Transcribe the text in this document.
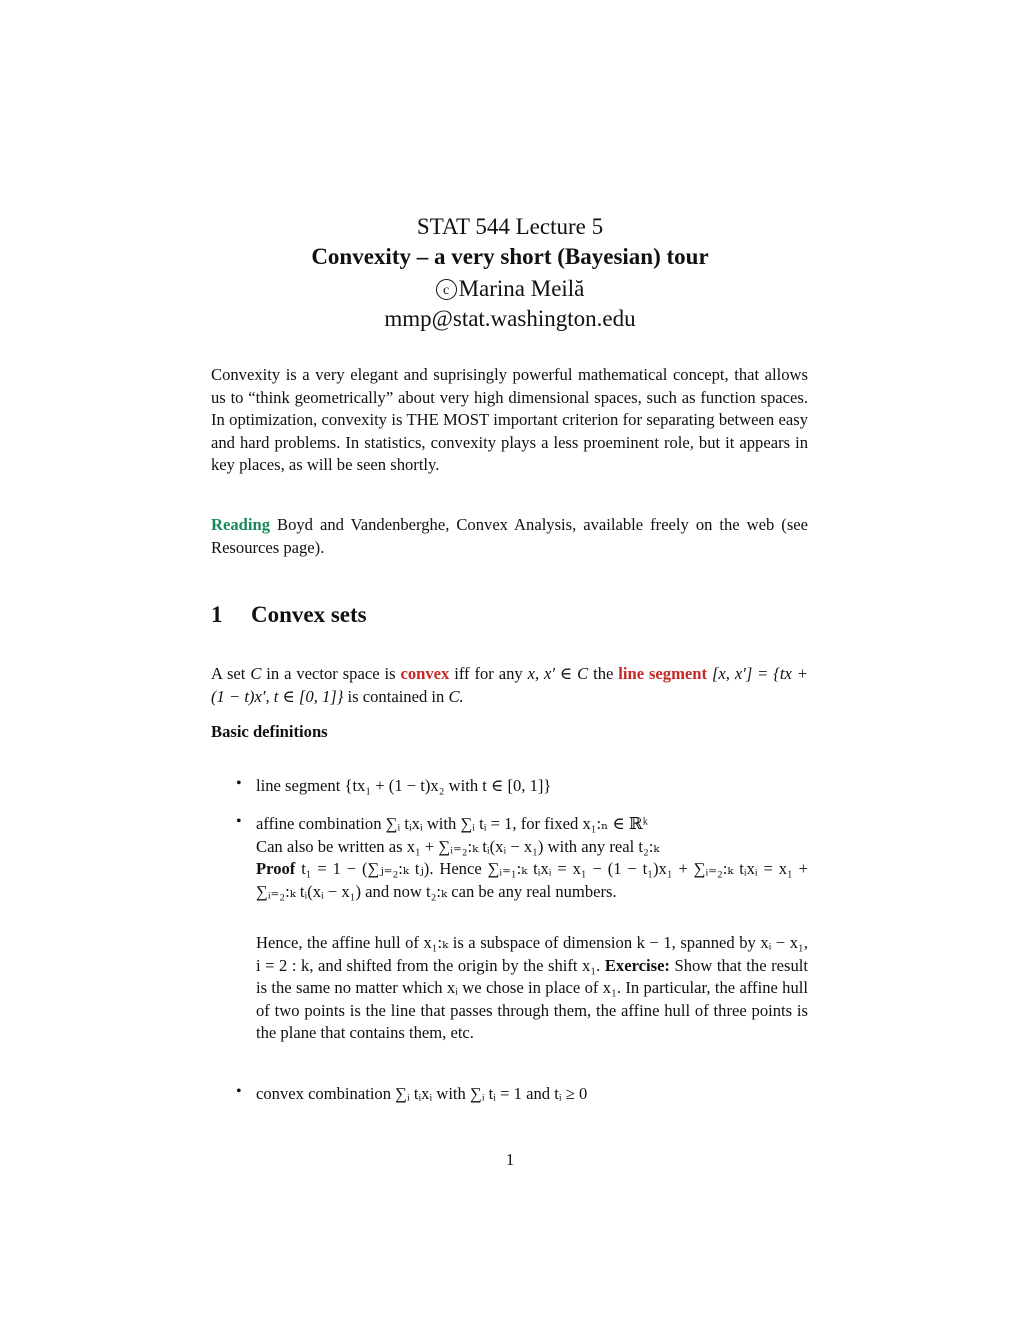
STAT 544 Lecture 5
Convexity – a very short (Bayesian) tour
c Marina Meilă
mmp@stat.washington.edu

Convexity is a very elegant and suprisingly powerful mathematical concept, that allows us to “think geometrically” about very high dimensional spaces, such as function spaces. In optimization, convexity is THE MOST important criterion for separating between easy and hard problems. In statistics, convexity plays a less proeminent role, but it appears in key places, as will be seen shortly.

Reading Boyd and Vandenberghe, Convex Analysis, available freely on the web (see Resources page).

1 Convex sets

A set C in a vector space is convex iff for any x, x′ ∈ C the line segment [x, x′] = {tx + (1 − t)x′, t ∈ [0, 1]} is contained in C.

Basic definitions
• line segment {tx₁ + (1 − t)x₂ with t ∈ [0, 1]}

• affine combination ∑ᵢ tᵢxᵢ with ∑ᵢ tᵢ = 1, for fixed x₁:ₙ ∈ ℝᵏ
Can also be written as x₁ + ∑ᵢ₌₂:ₖ tᵢ(xᵢ − x₁) with any real t₂:ₖ
Proof t₁ = 1 − (∑ⱼ₌₂:ₖ tⱼ). Hence ∑ᵢ₌₁:ₖ tᵢxᵢ = x₁ − (1 − t₁)x₁ + ∑ᵢ₌₂:ₖ tᵢxᵢ = x₁ + ∑ᵢ₌₂:ₖ tᵢ(xᵢ − x₁) and now t₂:ₖ can be any real numbers.

Hence, the affine hull of x₁:ₖ is a subspace of dimension k − 1, spanned by xᵢ − x₁, i = 2 : k, and shifted from the origin by the shift x₁. Exercise: Show that the result is the same no matter which xᵢ we chose in place of x₁. In particular, the affine hull of two points is the line that passes through them, the affine hull of three points is the plane that contains them, etc.

• convex combination ∑ᵢ tᵢxᵢ with ∑ᵢ tᵢ = 1 and tᵢ ≥ 0

1
